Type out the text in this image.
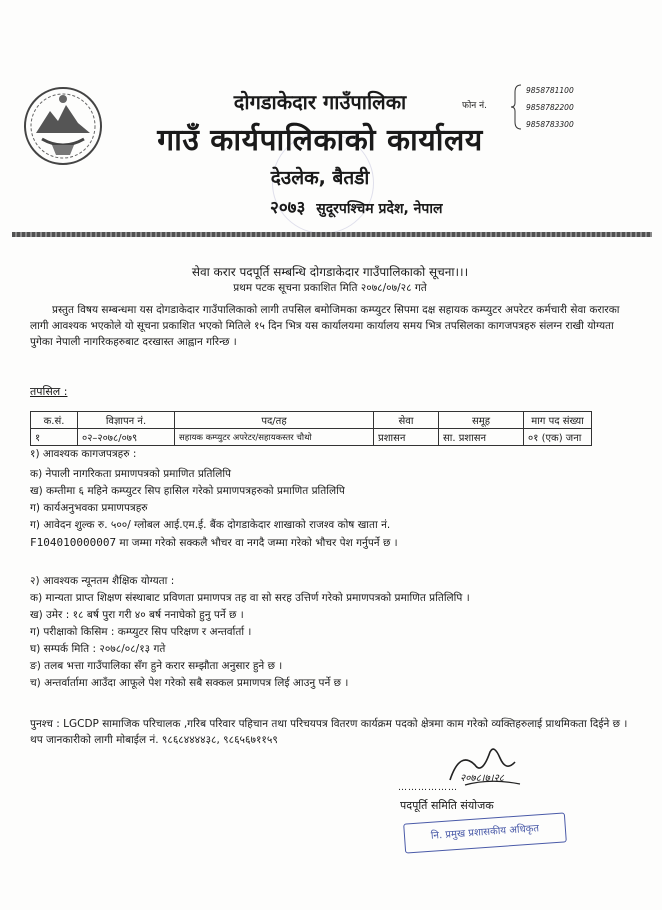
दोगडाकेदार गाउँपालिका
गाउँ कार्यपालिकाको कार्यालय
देउलेक, बैतडी
२०७३ सुदूरपश्चिम प्रदेश, नेपाल
फोन नं.
9858781100
9858782200
9858783300
सेवा करार पदपूर्ति सम्बन्धि दोगडाकेदार गाउँपालिकाको सूचना।।।
प्रथम पटक सूचना प्रकाशित मिति २०७८/०७/२८ गते
प्रस्तुत विषय सम्बन्धमा यस दोगडाकेदार गाउँपालिकाको लागी तपसिल बमोजिमका कम्प्युटर सिपमा दक्ष सहायक कम्प्युटर अपरेटर कर्मचारी सेवा करारका लागी आवश्यक भएकोले यो सूचना प्रकाशित भएको मितिले १५ दिन भित्र यस कार्यालयमा कार्यालय समय भित्र तपसिलका कागजपत्रहरु संलग्न राखी योग्यता पुगेका नेपाली नागरिकहरुबाट दरखास्त आह्वान गरिन्छ ।
तपसिल :
क.सं.	विज्ञापन नं.	पद/तह	सेवा	समूह	माग पद संख्या
१	०२–२०७८/०७९	सहायक कम्प्युटर अपरेटर/सहायकस्तर चौथो	प्रशासन	सा. प्रशासन	०१ (एक) जना
१) आवश्यक कागजपत्रहरु :
क) नेपाली नागरिकता प्रमाणपत्रको प्रमाणित प्रतिलिपि
ख) कम्तीमा ६ महिने कम्प्युटर सिप हासिल गरेको प्रमाणपत्रहरुको प्रमाणित प्रतिलिपि
ग) कार्यअनुभवका प्रमाणपत्रहरु
ग) आवेदन शुल्क रु. ५००/ ग्लोबल आई.एम.ई. बैंक दोगडाकेदार शाखाको राजश्व कोष खाता नं.
F104010000007 मा जम्मा गरेको सक्कलै भौचर वा नगदै जम्मा गरेको भौचर पेश गर्नुपर्ने छ ।
२) आवश्यक न्यूनतम शैक्षिक योग्यता :
क) मान्यता प्राप्त शिक्षण संस्थाबाट प्रविणता प्रमाणपत्र तह वा सो सरह उत्तिर्ण गरेको प्रमाणपत्रको प्रमाणित प्रतिलिपि ।
ख) उमेर : १८ बर्ष पुरा गरी ४० बर्ष ननाघेको हुनु पर्ने छ ।
ग) परीक्षाको किसिम : कम्प्युटर सिप परिक्षण र अन्तर्वार्ता ।
घ) सम्पर्क मिति : २०७८/०८/१३ गते
ङ) तलब भत्ता गाउँपालिका सँग हुने करार सम्झौता अनुसार हुने छ ।
च) अन्तर्वार्तामा आउँदा आफूले पेश गरेको सबै सक्कल प्रमाणपत्र लिई आउनु पर्ने छ ।
पुनश्च : LGCDP सामाजिक परिचालक ,गरिब परिवार पहिचान तथा परिचयपत्र वितरण कार्यक्रम पदको क्षेत्रमा काम गरेको व्यक्तिहरुलाई प्राथमिकता दिईने छ ।
थप जानकारीको लागी मोबाईल नं. ९८६८४४४४३८, ९८६५६७११५९
………………
२०७८।७।२८
पदपूर्ति समिति संयोजक
नि. प्रमुख प्रशासकीय अधिकृत
